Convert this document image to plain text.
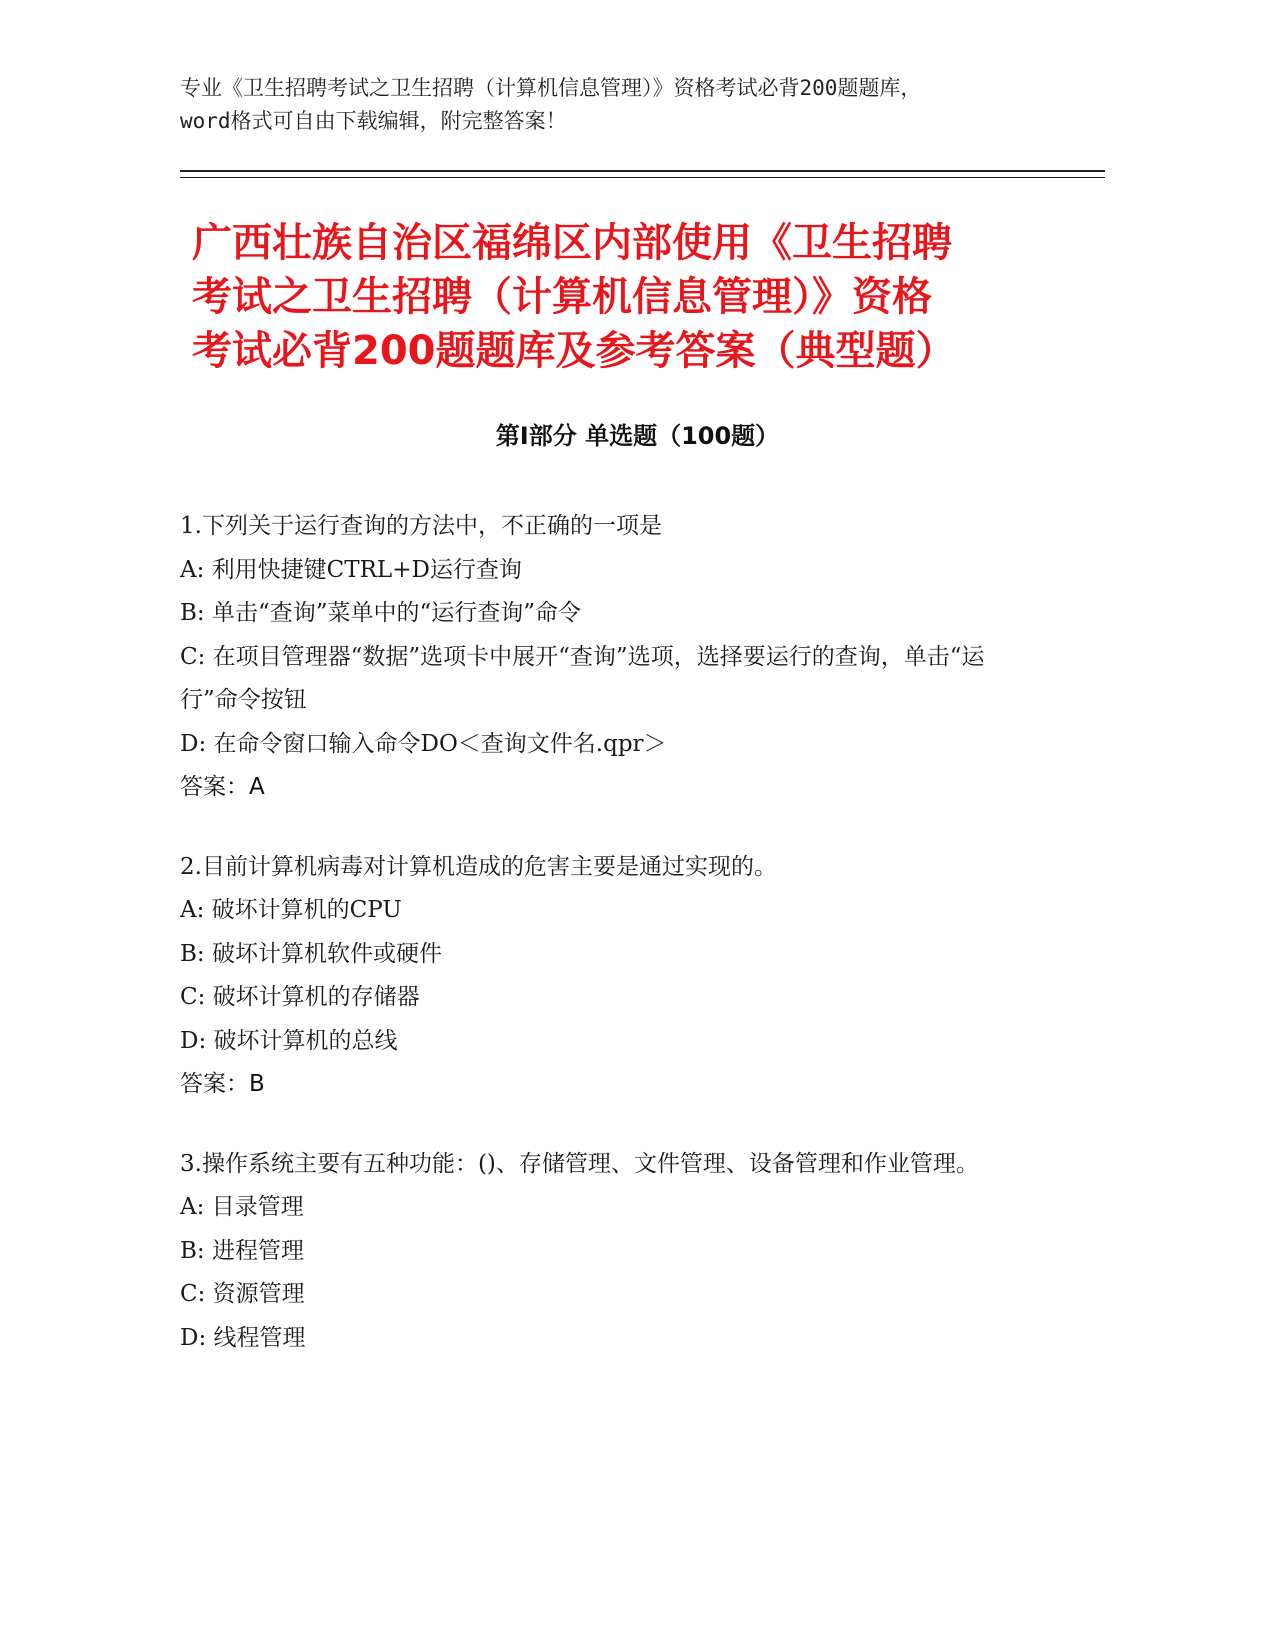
专业《卫生招聘考试之卫生招聘（计算机信息管理）》资格考试必背200题题库，
word格式可自由下载编辑，附完整答案！
广西壮族自治区福绵区内部使用《卫生招聘
考试之卫生招聘（计算机信息管理）》资格
考试必背200题题库及参考答案（典型题）
第Ⅰ部分 单选题（100题）

1.下列关于运行查询的方法中，不正确的一项是

A: 利用快捷键CTRL+D运行查询

B: 单击“查询”菜单中的“运行查询”命令

C: 在项目管理器“数据”选项卡中展开“查询”选项，选择要运行的查询，单击“运行”命令按钮

D: 在命令窗口输入命令DO＜查询文件名.qpr＞

答案：A

2.目前计算机病毒对计算机造成的危害主要是通过实现的。

A: 破坏计算机的CPU

B: 破坏计算机软件或硬件

C: 破坏计算机的存储器

D: 破坏计算机的总线

答案：B

3.操作系统主要有五种功能：()、存储管理、文件管理、设备管理和作业管理。

A: 目录管理

B: 进程管理

C: 资源管理

D: 线程管理
